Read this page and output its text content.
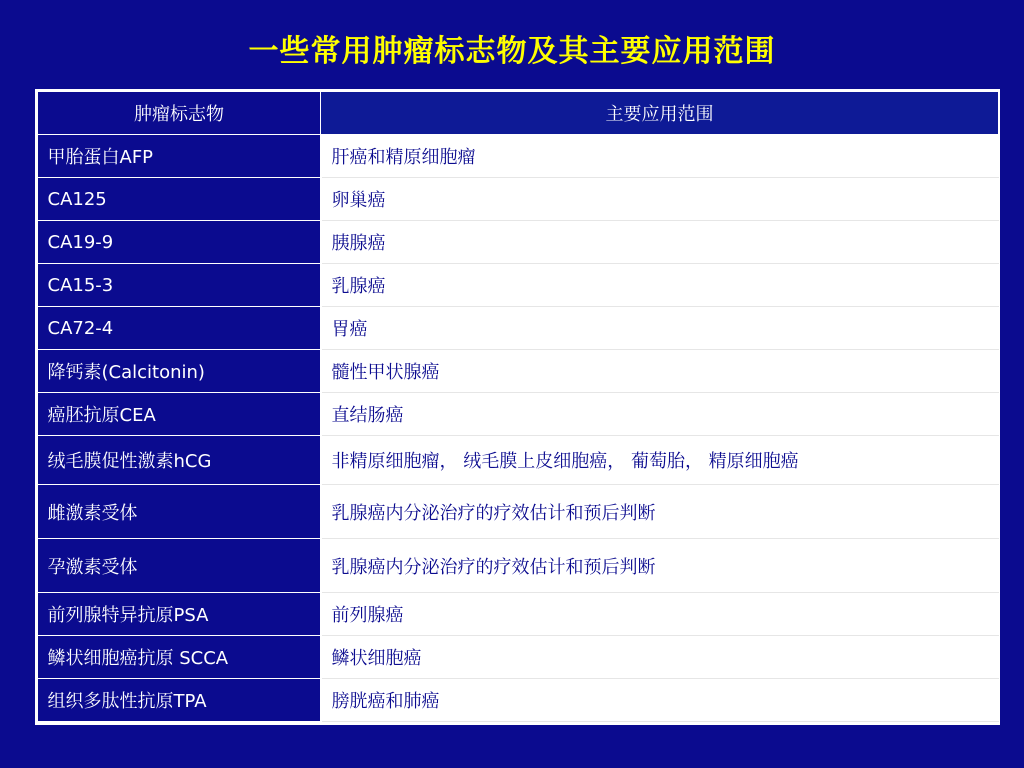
一些常用肿瘤标志物及其主要应用范围
肿瘤标志物	主要应用范围
甲胎蛋白AFP	肝癌和精原细胞瘤
CA125	卵巢癌
CA19-9	胰腺癌
CA15-3	乳腺癌
CA72-4	胃癌
降钙素(Calcitonin)	髓性甲状腺癌
癌胚抗原CEA	直结肠癌
绒毛膜促性激素hCG	非精原细胞瘤， 绒毛膜上皮细胞癌， 葡萄胎， 精原细胞癌
雌激素受体	乳腺癌内分泌治疗的疗效估计和预后判断
孕激素受体	乳腺癌内分泌治疗的疗效估计和预后判断
前列腺特异抗原PSA	前列腺癌
鳞状细胞癌抗原 SCCA	鳞状细胞癌
组织多肽性抗原TPA	膀胱癌和肺癌
